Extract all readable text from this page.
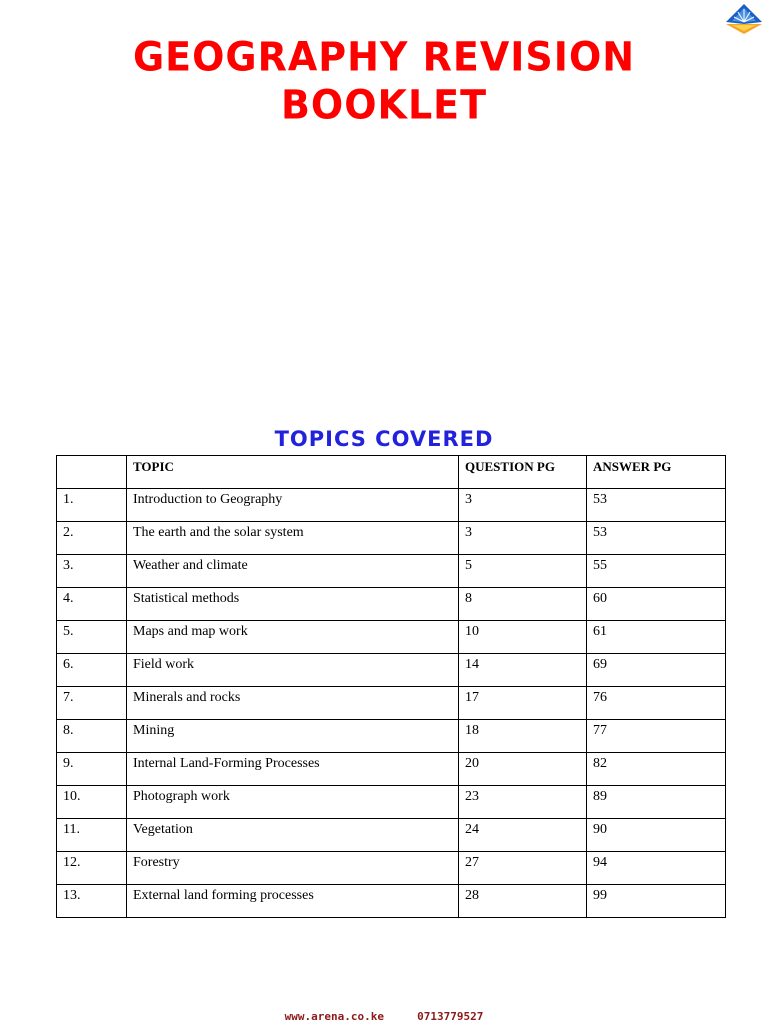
GEOGRAPHY REVISION
BOOKLET
TOPICS COVERED
	TOPIC	QUESTION PG	ANSWER PG
1.	Introduction to Geography	3	53
2.	The earth and the solar system	3	53
3.	Weather and climate	5	55
4.	Statistical methods	8	60
5.	Maps and map work	10	61
6.	Field work	14	69
7.	Minerals and rocks	17	76
8.	Mining	18	77
9.	Internal Land-Forming Processes	20	82
10.	Photograph work	23	89
11.	Vegetation	24	90
12.	Forestry	27	94
13.	External land forming processes	28	99
www.arena.co.ke	0713779527
